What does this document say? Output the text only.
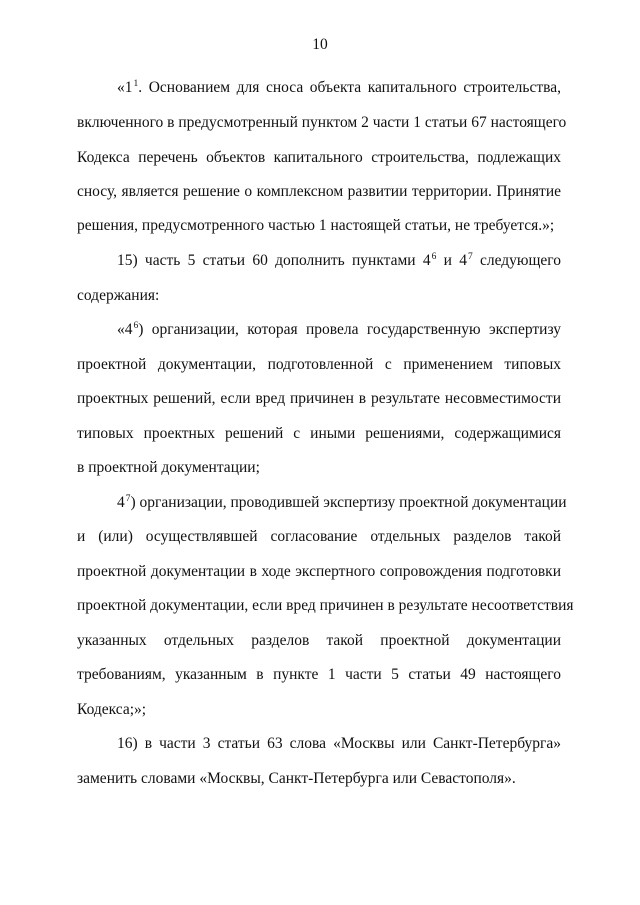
10
«$1^1$. Основанием для сноса объекта капитального строительства,
включенного в предусмотренный пунктом 2 части 1 статьи 67 настоящего
Кодекса перечень объектов капитального строительства, подлежащих
сносу, является решение о комплексном развитии территории. Принятие
решения, предусмотренного частью 1 настоящей статьи, не требуется.»;
15) часть 5 статьи 60 дополнить пунктами $4^6$ и $4^7$ следующего
содержания:
«$4^6$) организации, которая провела государственную экспертизу
проектной документации, подготовленной с применением типовых
проектных решений, если вред причинен в результате несовместимости
типовых проектных решений с иными решениями, содержащимися
в проектной документации;
$4^7$) организации, проводившей экспертизу проектной документации
и (или) осуществлявшей согласование отдельных разделов такой
проектной документации в ходе экспертного сопровождения подготовки
проектной документации, если вред причинен в результате несоответствия
указанных отдельных разделов такой проектной документации
требованиям, указанным в пункте 1 части 5 статьи 49 настоящего
Кодекса;»;
16) в части 3 статьи 63 слова «Москвы или Санкт-Петербурга»
заменить словами «Москвы, Санкт-Петербурга или Севастополя».
